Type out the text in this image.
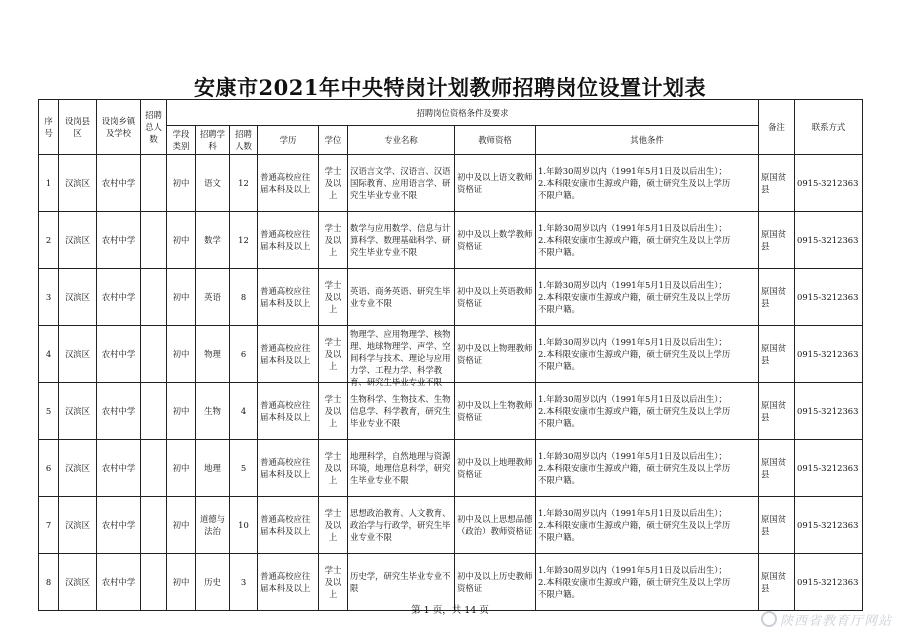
安康市2021年中央特岗计划教师招聘岗位设置计划表
序号	设岗县区	设岗乡镇及学校	招聘总人数	招聘岗位资格条件及要求								备注	联系方式
				学段类别	招聘学科	招聘人数	学历	学位	专业名称	教师资格	其他条件		
1	汉滨区	农村中学		初中	语文	12	普通高校应往届本科及以上	学士及以上	汉语言文学、汉语言、汉语国际教育、应用语言学、研究生毕业专业不限	初中及以上语文教师资格证	1.年龄30周岁以内（1991年5月1日及以后出生）；
2.本科限安康市生源或户籍，硕士研究生及以上学历
不限户籍。	原国贫县	0915-3212363
2	汉滨区	农村中学		初中	数学	12	普通高校应往届本科及以上	学士及以上	数学与应用数学、信息与计算科学、数理基础科学、研究生毕业专业不限	初中及以上数学教师资格证	1.年龄30周岁以内（1991年5月1日及以后出生）；
2.本科限安康市生源或户籍，硕士研究生及以上学历
不限户籍。	原国贫县	0915-3212363
3	汉滨区	农村中学		初中	英语	8	普通高校应往届本科及以上	学士及以上	英语、商务英语、研究生毕业专业不限	初中及以上英语教师资格证	1.年龄30周岁以内（1991年5月1日及以后出生）；
2.本科限安康市生源或户籍，硕士研究生及以上学历
不限户籍。	原国贫县	0915-3212363
4	汉滨区	农村中学		初中	物理	6	普通高校应往届本科及以上	学士及以上	物理学、应用物理学、核物理、地球物理学、声学、空间科学与技术、理论与应用力学、工程力学、科学教育、研究生毕业专业不限	初中及以上物理教师资格证	1.年龄30周岁以内（1991年5月1日及以后出生）；
2.本科限安康市生源或户籍，硕士研究生及以上学历
不限户籍。	原国贫县	0915-3212363
5	汉滨区	农村中学		初中	生物	4	普通高校应往届本科及以上	学士及以上	生物科学、生物技术、生物信息学、科学教育，研究生毕业专业不限	初中及以上生物教师资格证	1.年龄30周岁以内（1991年5月1日及以后出生）；
2.本科限安康市生源或户籍，硕士研究生及以上学历
不限户籍。	原国贫县	0915-3212363
6	汉滨区	农村中学		初中	地理	5	普通高校应往届本科及以上	学士及以上	地理科学，自然地理与资源环境，地理信息科学，研究生毕业专业不限	初中及以上地理教师资格证	1.年龄30周岁以内（1991年5月1日及以后出生）；
2.本科限安康市生源或户籍，硕士研究生及以上学历
不限户籍。	原国贫县	0915-3212363
7	汉滨区	农村中学		初中	道德与法治	10	普通高校应往届本科及以上	学士及以上	思想政治教育、人文教育、政治学与行政学，研究生毕业专业不限	初中及以上思想品德（政治）教师资格证	1.年龄30周岁以内（1991年5月1日及以后出生）；
2.本科限安康市生源或户籍，硕士研究生及以上学历
不限户籍。	原国贫县	0915-3212363
8	汉滨区	农村中学		初中	历史	3	普通高校应往届本科及以上	学士及以上	历史学，研究生毕业专业不限	初中及以上历史教师资格证	1.年龄30周岁以内（1991年5月1日及以后出生）；
2.本科限安康市生源或户籍，硕士研究生及以上学历
不限户籍。	原国贫县	0915-3212363
第 1 页，共 14 页
陕西省教育厅网站
